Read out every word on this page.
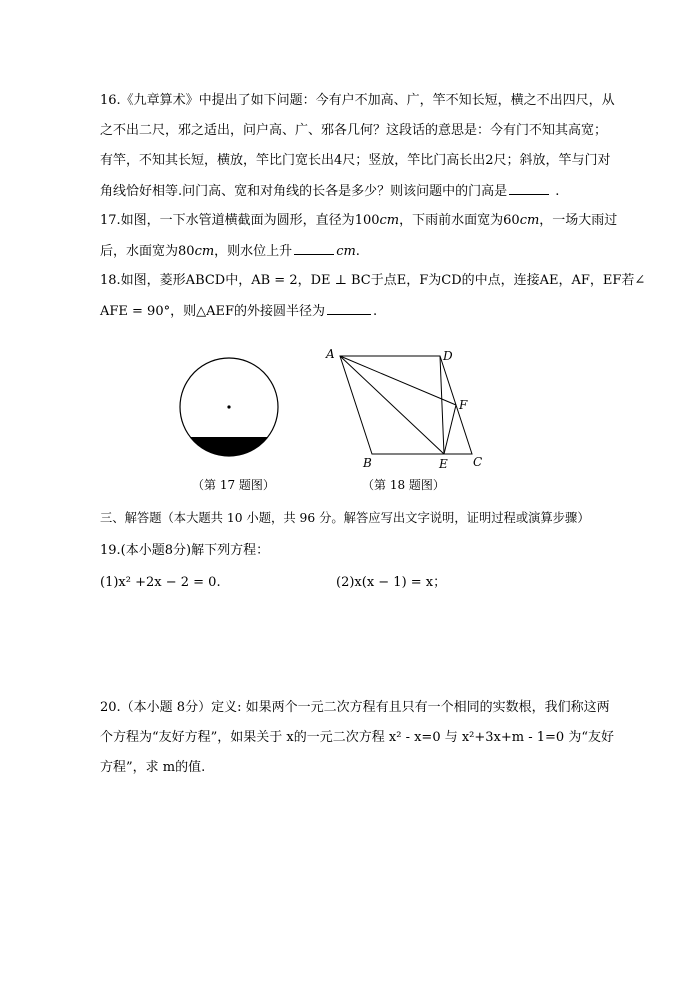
16.《九章算术》中提出了如下问题：今有户不加高、广，竿不知长短，横之不出四尺，从
之不出二尺，邪之适出，问户高、广、邪各几何？这段话的意思是：今有门不知其高宽；
有竿，不知其长短，横放，竿比门宽长出4尺；竖放，竿比门高长出2尺；斜放，竿与门对
角线恰好相等.问门高、宽和对角线的长各是多少？则该问题中的门高是	.
17.如图，一下水管道横截面为圆形，直径为100cm，下雨前水面宽为60cm，一场大雨过
后，水面宽为80cm，则水位上升	cm.
18.如图，菱形ABCD中，AB = 2，DE ⊥ BC于点E，F为CD的中点，连接AE，AF，EF若∠
AFE = 90°，则△AEF的外接圆半径为	.
（第 17 题图）
A	D
F
B	E C
（第 18 题图）
三、解答题（本大题共 10 小题，共 96 分。解答应写出文字说明，证明过程或演算步骤）
19.(本小题8分)解下列方程：
(1)x² +2x − 2 = 0.	(2)x(x − 1) = x；
20.（本小题 8分）定义: 如果两个一元二次方程有且只有一个相同的实数根，我们称这两
个方程为“友好方程”，如果关于 x的一元二次方程 x² - x=0 与 x²+3x+m - 1=0 为“友好
方程”，求 m的值.
